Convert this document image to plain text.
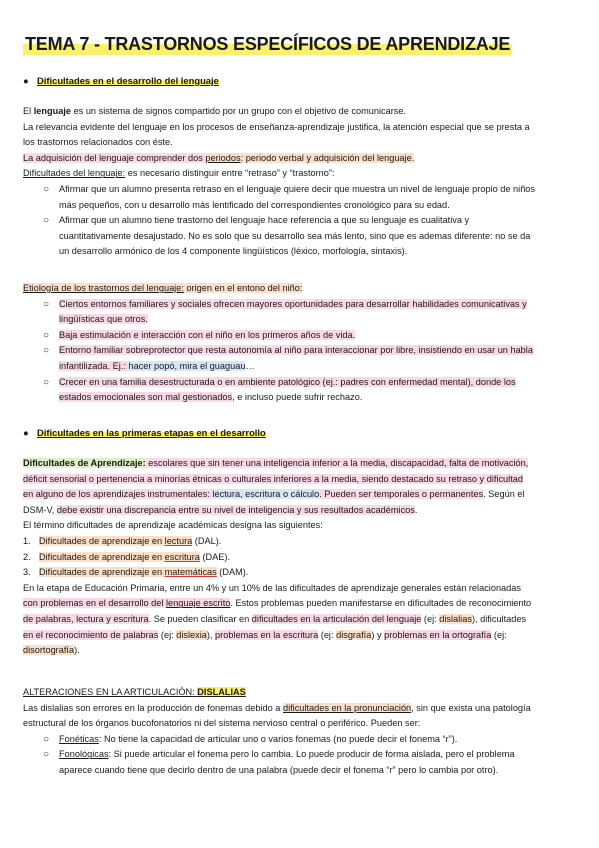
TEMA 7 - TRASTORNOS ESPECÍFICOS DE APRENDIZAJE
● Dificultades en el desarrollo del lenguaje
El lenguaje es un sistema de signos compartido por un grupo con el objetivo de comunicarse.
La relevancia evidente del lenguaje en los procesos de enseñanza-aprendizaje justifica, la atención especial que se presta a
los trastornos relacionados con éste.
La adquisición del lenguaje comprender dos periodos: periodo verbal y adquisición del lenguaje.
Dificultades del lenguaje: es necesario distinguir entre “retraso” y “trastorno”:
○	Afirmar que un alumno presenta retraso en el lenguaje quiere decir que muestra un nivel de lenguaje propio de niños
más pequeños, con u desarrollo más lentificado del correspondientes cronológico para su edad.
○	Afirmar que un alumno tiene trastorno del lenguaje hace referencia a que su lenguaje es cualitativa y
cuantitativamente desajustado. No es solo que su desarrollo sea más lento, sino que es ademas diferente: no se da
un desarrollo armónico de los 4 componente lingüísticos (léxico, morfología, sintaxis).
Etiología de los trastornos del lenguaje: origen en el entono del niño:
○	Ciertos entornos familiares y sociales ofrecen mayores oportunidades para desarrollar habilidades comunicativas y
lingüísticas que otros.
○	Baja estimulación e interacción con el niño en los primeros años de vida.
○	Entorno familiar sobreprotector que resta autonomía al niño para interaccionar por libre, insistiendo en usar un habla
infantilizada. Ej.: hacer popó, mira el guaguau…
○	Crecer en una familia desestructurada o en ambiente patológico (ej.: padres con enfermedad mental), donde los
estados emocionales son mal gestionados, e incluso puede sufrir rechazo.
● Dificultades en las primeras etapas en el desarrollo
Dificultades de Aprendizaje: escolares que sin tener una inteligencia inferior a la media, discapacidad, falta de motivación,
déficit sensorial o pertenencia a minorías étnicas o culturales inferiores a la media, siendo destacado su retraso y dificultad
en alguno de los aprendizajes instrumentales: lectura, escritura o cálculo. Pueden ser temporales o permanentes. Según el
DSM-V, debe existir una discrepancia entre su nivel de inteligencia y sus resultados académicos.
El término dificultades de aprendizaje académicas designa las siguientes:
1. Dificultades de aprendizaje en lectura (DAL).
2. Dificultades de aprendizaje en escritura (DAE).
3. Dificultades de aprendizaje en matemáticas (DAM).
En la etapa de Educación Primaria, entre un 4% y un 10% de las dificultades de aprendizaje generales están relacionadas
con problemas en el desarrollo del lenguaje escrito. Estos problemas pueden manifestarse en dificultades de reconocimiento
de palabras, lectura y escritura. Se pueden clasificar en dificultades en la articulación del lenguaje (ej: dislalias), dificultades
en el reconocimiento de palabras (ej: dislexia), problemas en la escritura (ej: disgrafía) y problemas en la ortografía (ej:
disortografía).
ALTERACIONES EN LA ARTICULACIÓN: DISLALIAS
Las dislalias son errores en la producción de fonemas debido a dificultades en la pronunciación, sin que exista una patología
estructural de los órganos bucofonatorios ni del sistema nervioso central o periférico. Pueden ser:
○	Fonéticas: No tiene la capacidad de articular uno o varios fonemas (no puede decir el fonema “r”).
○	Fonológicas: Si puede articular el fonema pero lo cambia. Lo puede producir de forma aislada, pero el problema
aparece cuando tiene que decirlo dentro de una palabra (puede decir el fonema “r” pero lo cambia por otro).
